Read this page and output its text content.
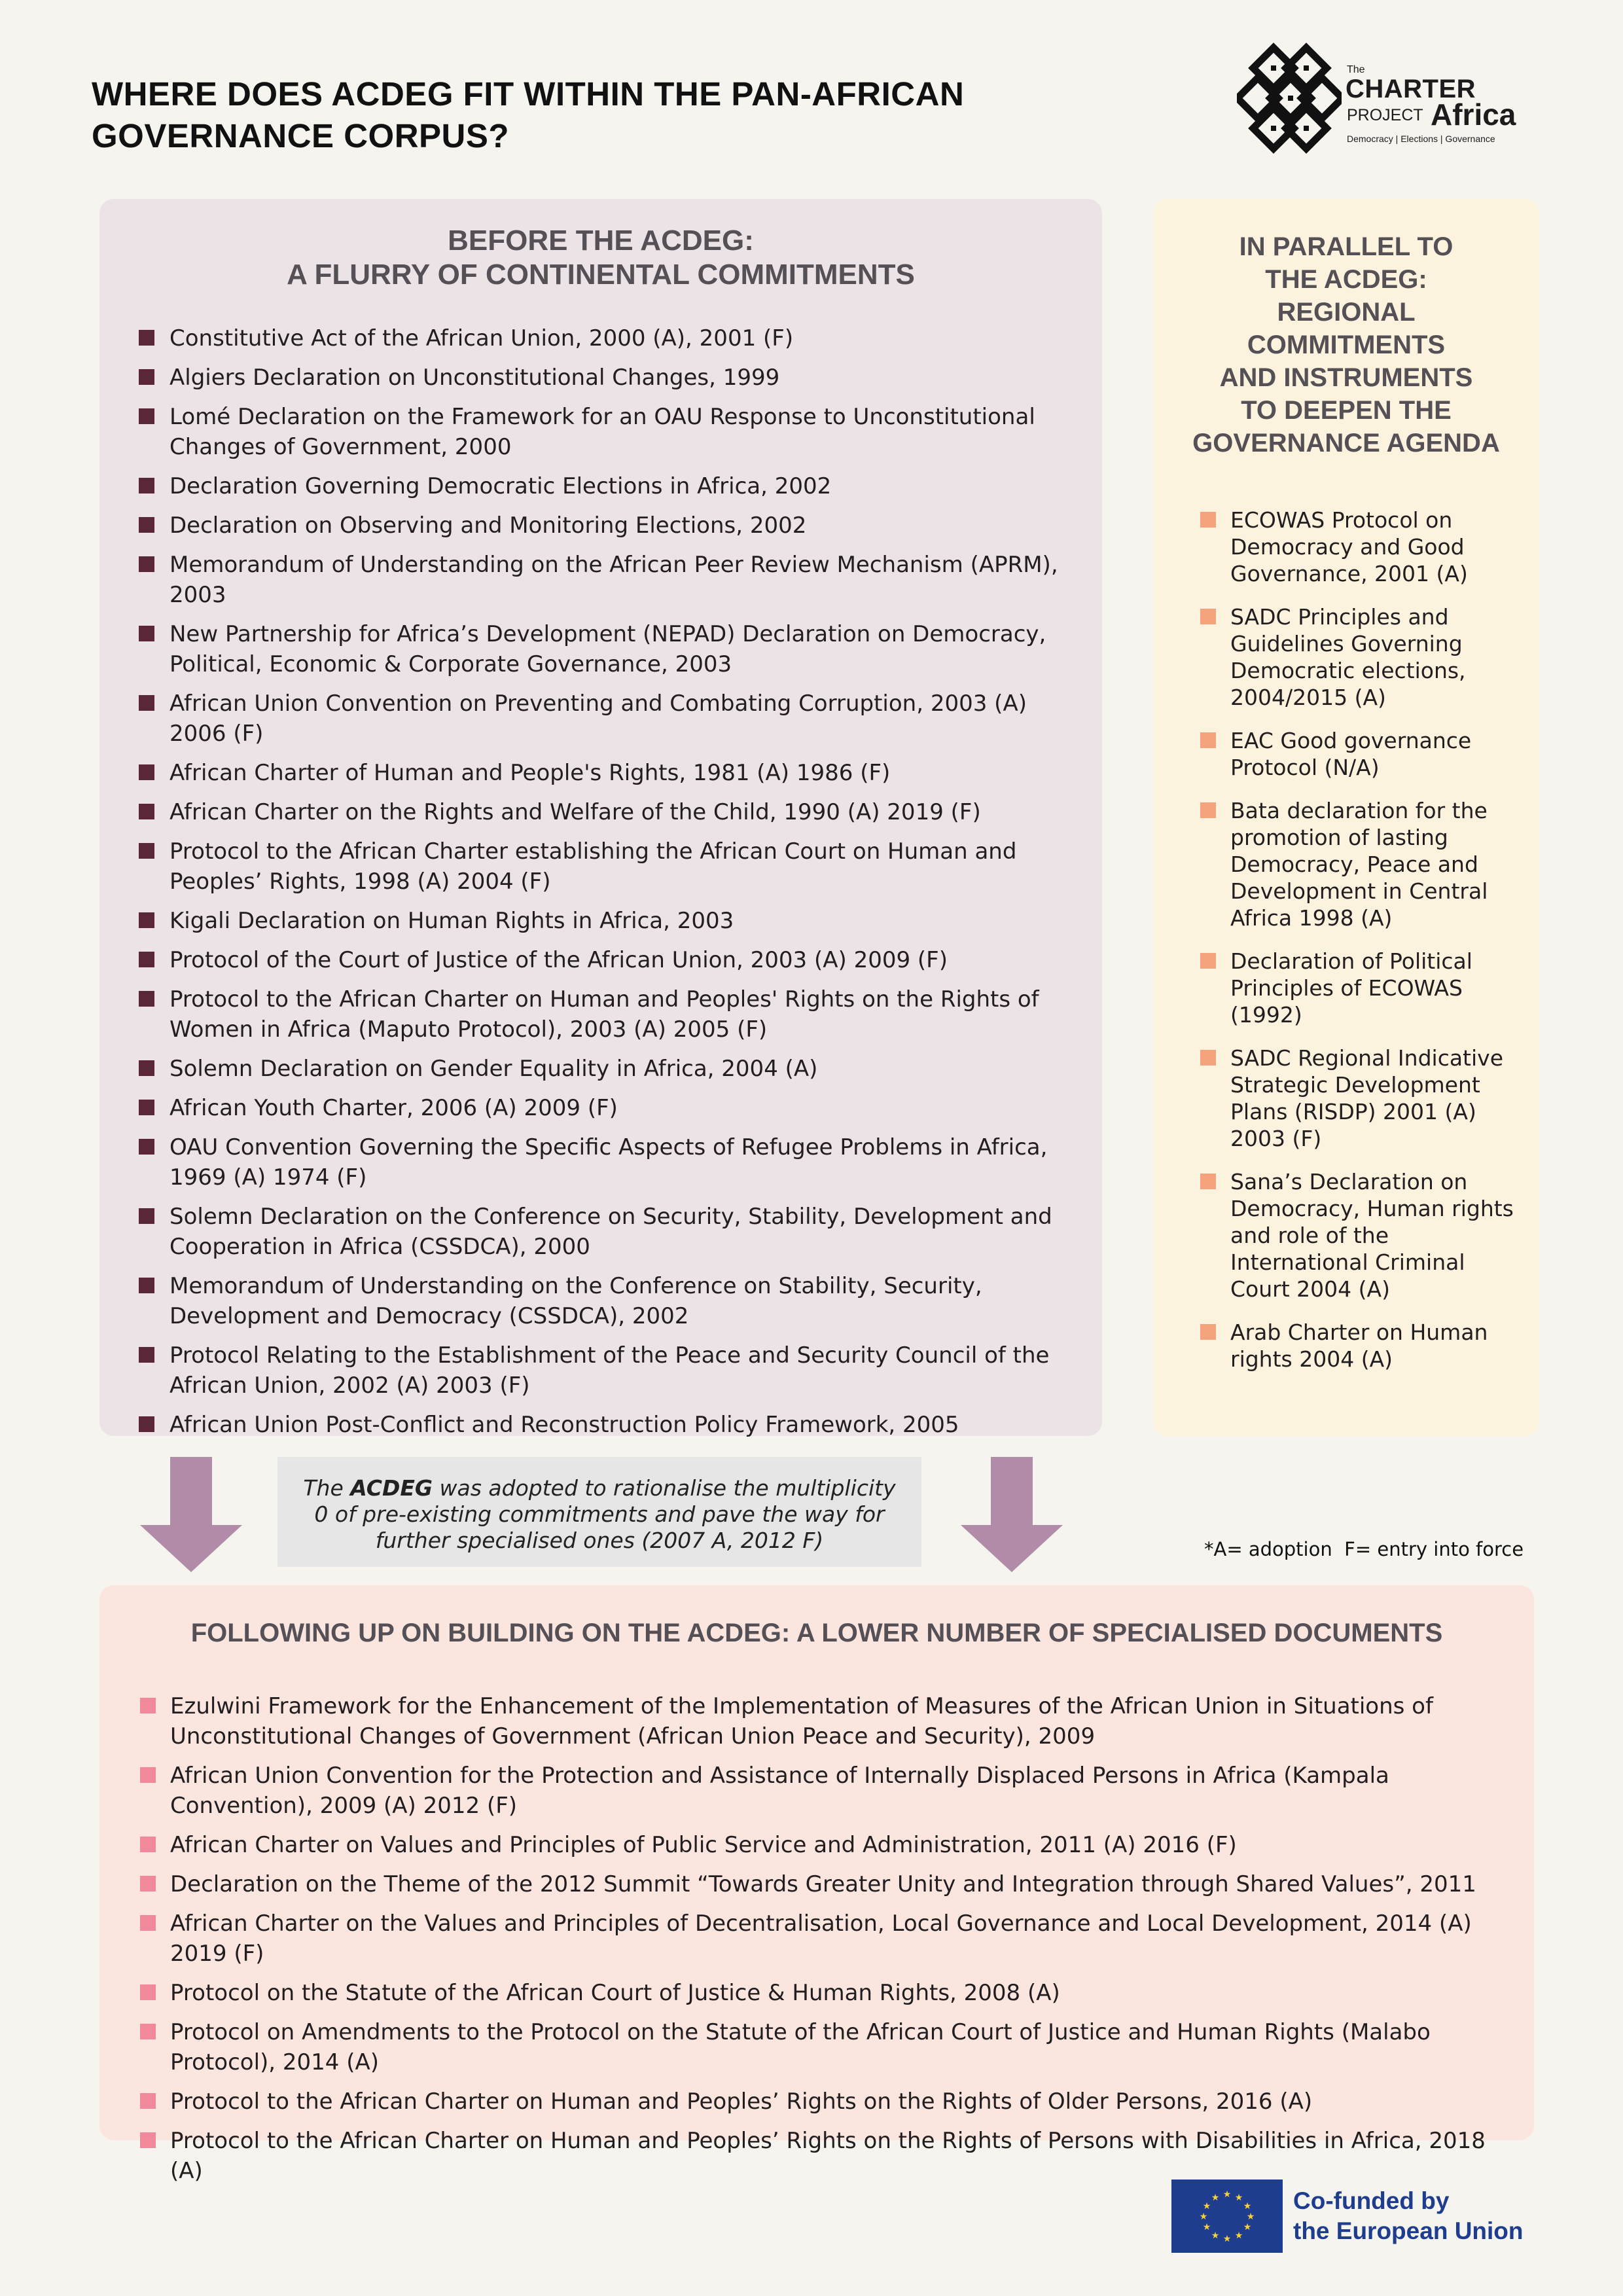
WHERE DOES ACDEG FIT WITHIN THE PAN-AFRICAN
GOVERNANCE CORPUS?
The
CHARTER
PROJECT Africa
Democracy | Elections | Governance
BEFORE THE ACDEG:
A FLURRY OF CONTINENTAL COMMITMENTS
Constitutive Act of the African Union, 2000 (A), 2001 (F)
Algiers Declaration on Unconstitutional Changes, 1999
Lomé Declaration on the Framework for an OAU Response to Unconstitutional Changes of Government, 2000
Declaration Governing Democratic Elections in Africa, 2002
Declaration on Observing and Monitoring Elections, 2002
Memorandum of Understanding on the African Peer Review Mechanism (APRM), 2003
New Partnership for Africa’s Development (NEPAD) Declaration on Democracy, Political, Economic & Corporate Governance, 2003
African Union Convention on Preventing and Combating Corruption, 2003 (A) 2006 (F)
African Charter of Human and People's Rights, 1981 (A) 1986 (F)
African Charter on the Rights and Welfare of the Child, 1990 (A) 2019 (F)
Protocol to the African Charter establishing the African Court on Human and Peoples’ Rights, 1998 (A) 2004 (F)
Kigali Declaration on Human Rights in Africa, 2003
Protocol of the Court of Justice of the African Union, 2003 (A) 2009 (F)
Protocol to the African Charter on Human and Peoples' Rights on the Rights of Women in Africa (Maputo Protocol), 2003 (A) 2005 (F)
Solemn Declaration on Gender Equality in Africa, 2004 (A)
African Youth Charter, 2006 (A) 2009 (F)
OAU Convention Governing the Specific Aspects of Refugee Problems in Africa, 1969 (A) 1974 (F)
Solemn Declaration on the Conference on Security, Stability, Development and Cooperation in Africa (CSSDCA), 2000
Memorandum of Understanding on the Conference on Stability, Security, Development and Democracy (CSSDCA), 2002
Protocol Relating to the Establishment of the Peace and Security Council of the African Union, 2002 (A) 2003 (F)
African Union Post-Conflict and Reconstruction Policy Framework, 2005
IN PARALLEL TO
THE ACDEG:
REGIONAL
COMMITMENTS
AND INSTRUMENTS
TO DEEPEN THE
GOVERNANCE AGENDA
ECOWAS Protocol on Democracy and Good Governance, 2001 (A)
SADC Principles and Guidelines Governing Democratic elections, 2004/2015 (A)
EAC Good governance Protocol (N/A)
Bata declaration for the promotion of lasting Democracy, Peace and Development in Central Africa 1998 (A)
Declaration of Political Principles of ECOWAS (1992)
SADC Regional Indicative Strategic Development Plans (RISDP) 2001 (A) 2003 (F)
Sana’s Declaration on Democracy, Human rights and role of the International Criminal Court 2004 (A)
Arab Charter on Human rights 2004 (A)
The ACDEG was adopted to rationalise the multiplicity
0 of pre-existing commitments and pave the way for
further specialised ones (2007 A, 2012 F)	*A= adoption  F= entry into force
FOLLOWING UP ON BUILDING ON THE ACDEG: A LOWER NUMBER OF SPECIALISED DOCUMENTS
Ezulwini Framework for the Enhancement of the Implementation of Measures of the African Union in Situations of Unconstitutional Changes of Government (African Union Peace and Security), 2009
African Union Convention for the Protection and Assistance of Internally Displaced Persons in Africa (Kampala Convention), 2009 (A) 2012 (F)
African Charter on Values and Principles of Public Service and Administration, 2011 (A) 2016 (F)
Declaration on the Theme of the 2012 Summit “Towards Greater Unity and Integration through Shared Values”, 2011
African Charter on the Values and Principles of Decentralisation, Local Governance and Local Development, 2014 (A) 2019 (F)
Protocol on the Statute of the African Court of Justice & Human Rights, 2008 (A)
Protocol on Amendments to the Protocol on the Statute of the African Court of Justice and Human Rights (Malabo Protocol), 2014 (A)
Protocol to the African Charter on Human and Peoples’ Rights on the Rights of Older Persons, 2016 (A)
Protocol to the African Charter on Human and Peoples’ Rights on the Rights of Persons with Disabilities in Africa, 2018 (A)
★ ★
★
★
★
★
★
★
★
★
★
★	Co-funded by
the European Union
